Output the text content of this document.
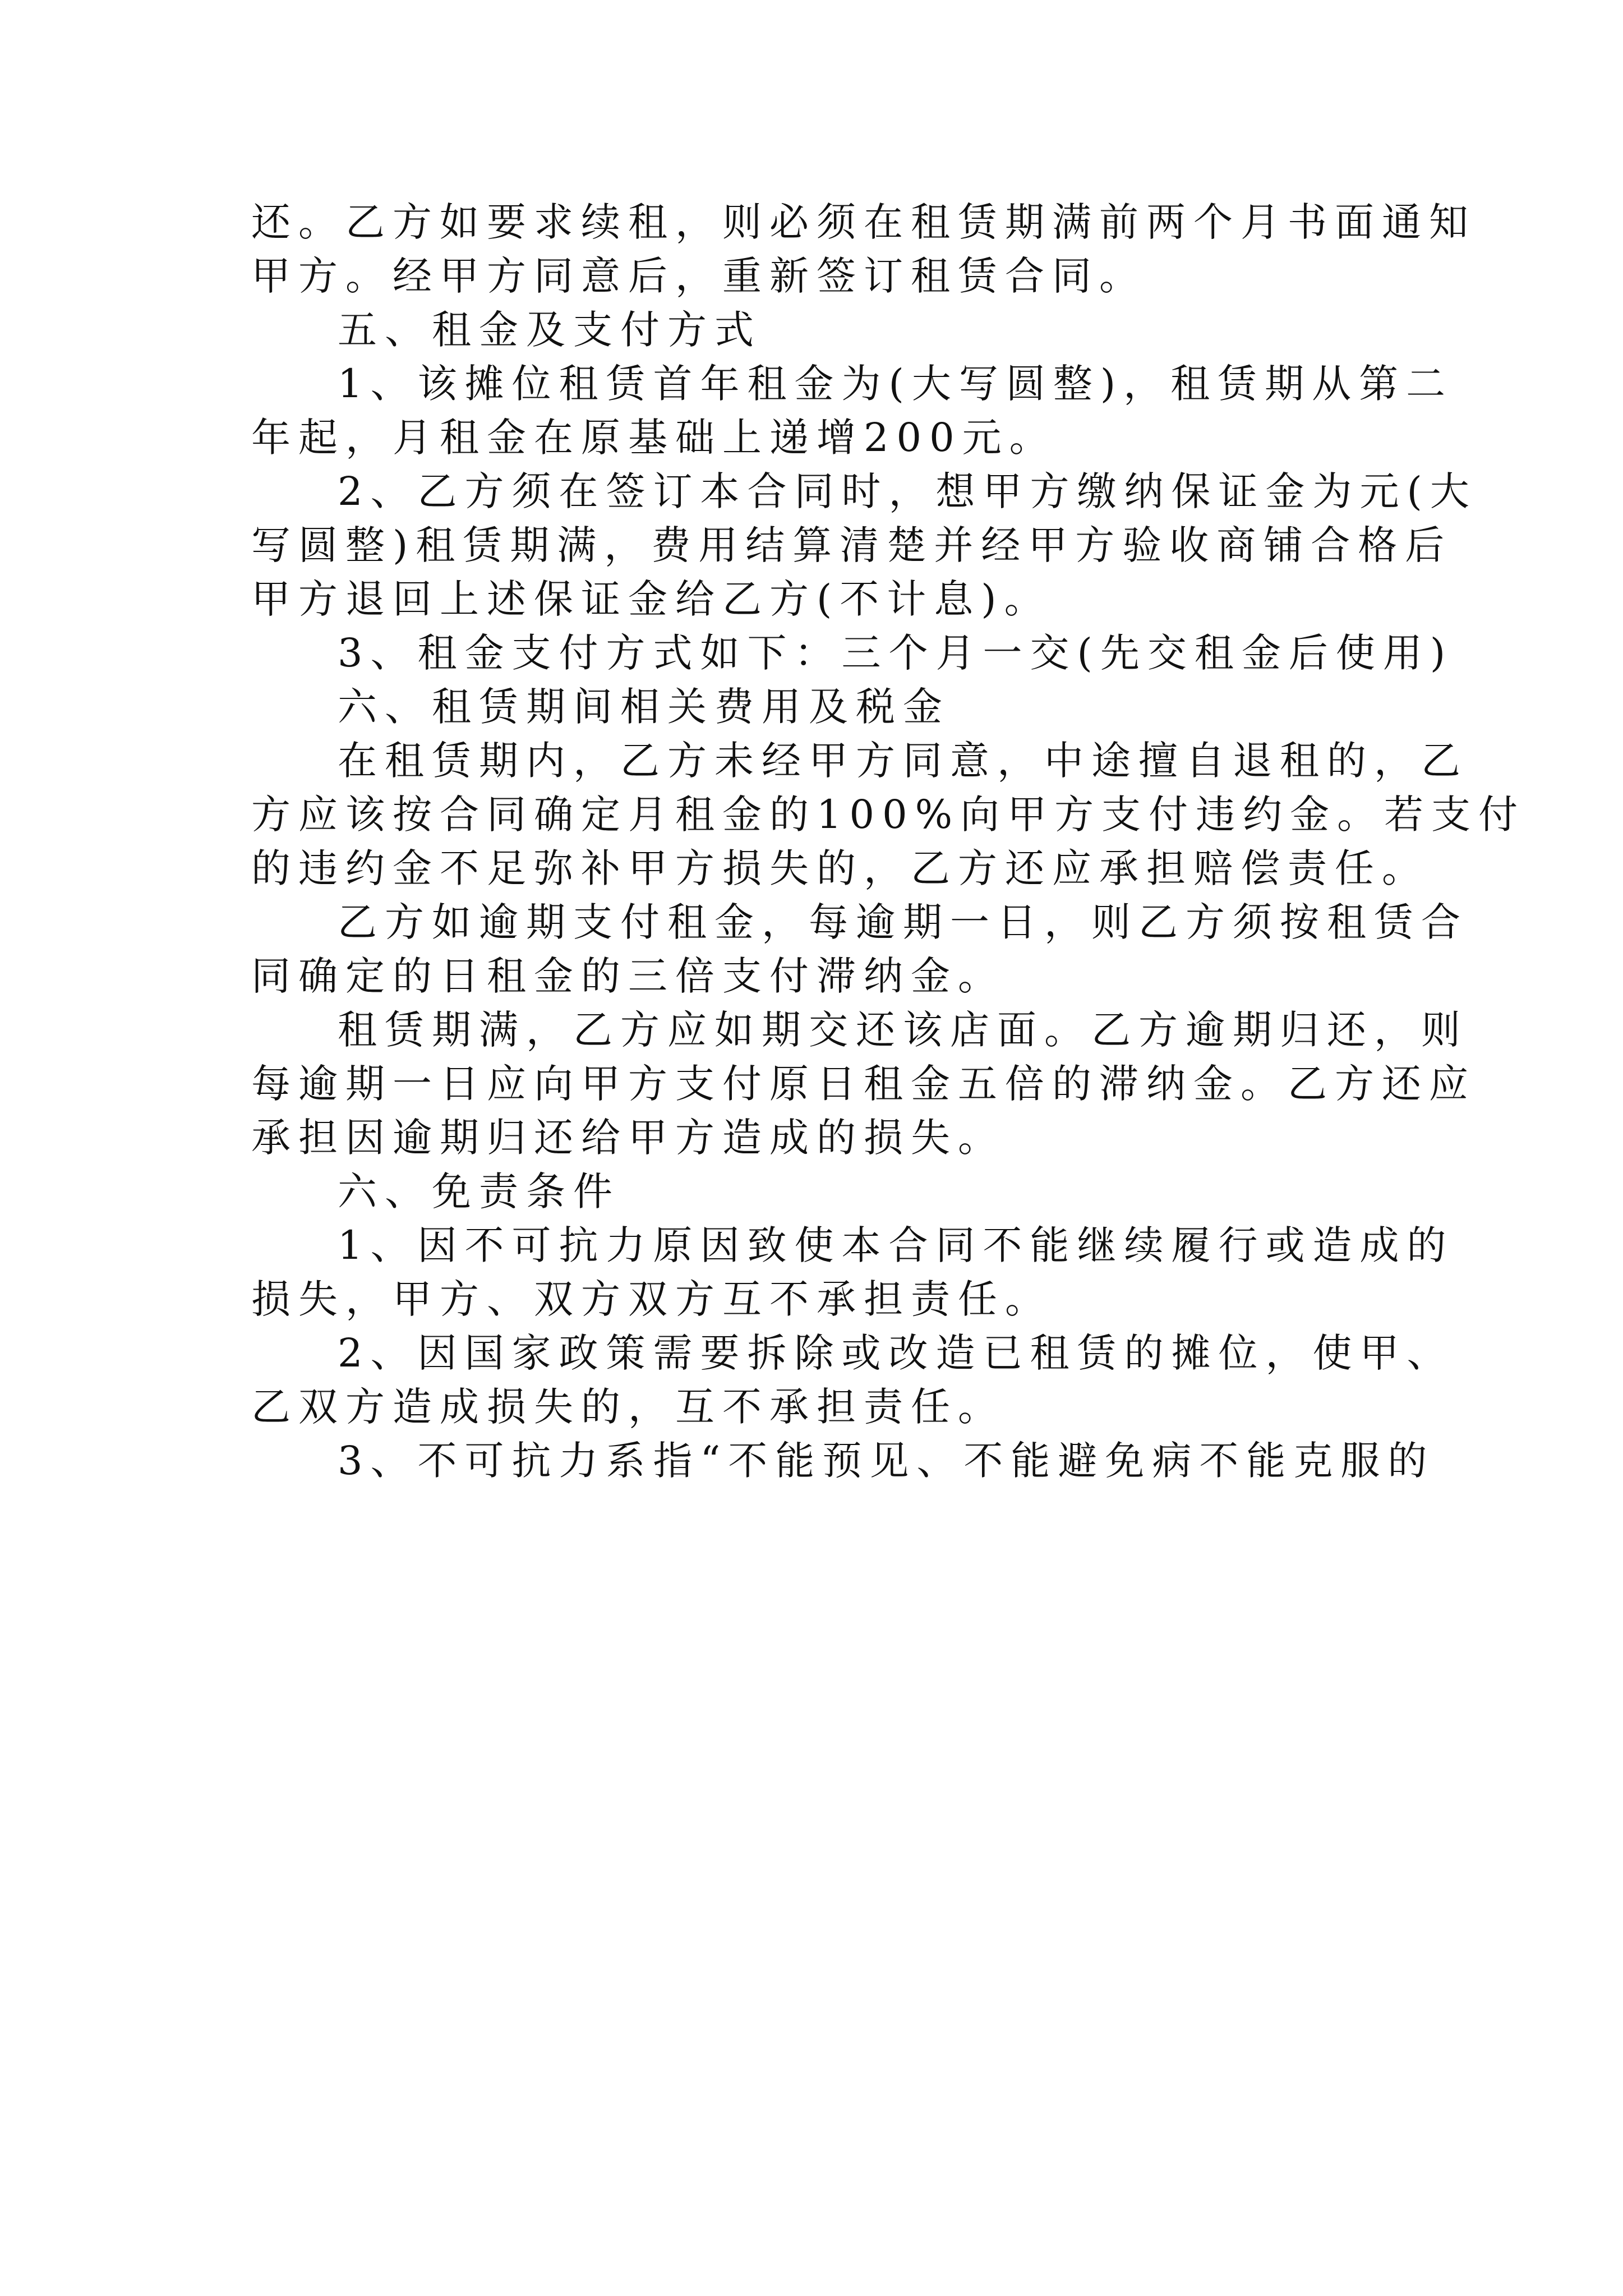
还。乙方如要求续租，则必须在租赁期满前两个月书面通知
甲方。经甲方同意后，重新签订租赁合同。
五、租金及支付方式
1、该摊位租赁首年租金为(大写圆整)，租赁期从第二
年起，月租金在原基础上递增200元。
2、乙方须在签订本合同时，想甲方缴纳保证金为元(大
写圆整)租赁期满，费用结算清楚并经甲方验收商铺合格后
甲方退回上述保证金给乙方(不计息)。
3、租金支付方式如下：三个月一交(先交租金后使用)
六、租赁期间相关费用及税金
在租赁期内，乙方未经甲方同意，中途擅自退租的，乙
方应该按合同确定月租金的100%向甲方支付违约金。若支付
的违约金不足弥补甲方损失的，乙方还应承担赔偿责任。
乙方如逾期支付租金，每逾期一日，则乙方须按租赁合
同确定的日租金的三倍支付滞纳金。
租赁期满，乙方应如期交还该店面。乙方逾期归还，则
每逾期一日应向甲方支付原日租金五倍的滞纳金。乙方还应
承担因逾期归还给甲方造成的损失。
六、免责条件
1、因不可抗力原因致使本合同不能继续履行或造成的
损失，甲方、双方双方互不承担责任。
2、因国家政策需要拆除或改造已租赁的摊位，使甲、
乙双方造成损失的，互不承担责任。
3、不可抗力系指“不能预见、不能避免病不能克服的
